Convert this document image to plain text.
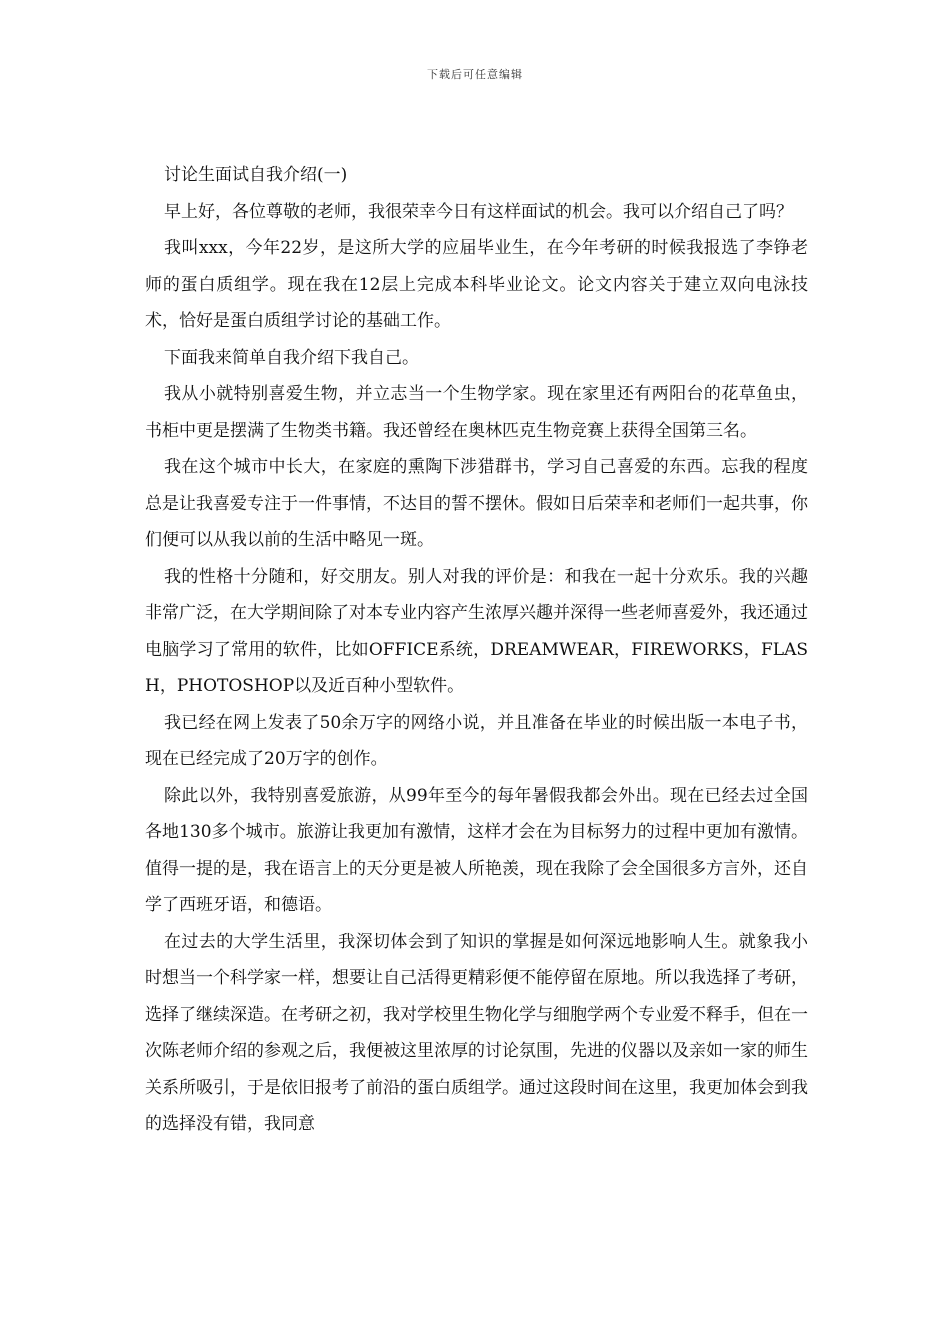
下载后可任意编辑

讨论生面试自我介绍(一)

早上好，各位尊敬的老师，我很荣幸今日有这样面试的机会。我可以介绍自己了吗？

我叫xxx，今年22岁，是这所大学的应届毕业生，在今年考研的时候我报选了李铮老师的蛋白质组学。现在我在12层上完成本科毕业论文。论文内容关于建立双向电泳技术，恰好是蛋白质组学讨论的基础工作。

下面我来简单自我介绍下我自己。

我从小就特别喜爱生物，并立志当一个生物学家。现在家里还有两阳台的花草鱼虫，书柜中更是摆满了生物类书籍。我还曾经在奥林匹克生物竞赛上获得全国第三名。

我在这个城市中长大，在家庭的熏陶下涉猎群书，学习自己喜爱的东西。忘我的程度总是让我喜爱专注于一件事情，不达目的誓不摆休。假如日后荣幸和老师们一起共事，你们便可以从我以前的生活中略见一斑。

我的性格十分随和，好交朋友。别人对我的评价是：和我在一起十分欢乐。我的兴趣非常广泛，在大学期间除了对本专业内容产生浓厚兴趣并深得一些老师喜爱外，我还通过电脑学习了常用的软件，比如OFFICE系统，DREAMWEAR，FIREWORKS，FLASH，PHOTOSHOP以及近百种小型软件。

我已经在网上发表了50余万字的网络小说，并且准备在毕业的时候出版一本电子书，现在已经完成了20万字的创作。

除此以外，我特别喜爱旅游，从99年至今的每年暑假我都会外出。现在已经去过全国各地130多个城市。旅游让我更加有激情，这样才会在为目标努力的过程中更加有激情。值得一提的是，我在语言上的天分更是被人所艳羡，现在我除了会全国很多方言外，还自学了西班牙语，和德语。

在过去的大学生活里，我深切体会到了知识的掌握是如何深远地影响人生。就象我小时想当一个科学家一样，想要让自己活得更精彩便不能停留在原地。所以我选择了考研，选择了继续深造。在考研之初，我对学校里生物化学与细胞学两个专业爱不释手，但在一次陈老师介绍的参观之后，我便被这里浓厚的讨论氛围，先进的仪器以及亲如一家的师生关系所吸引，于是依旧报考了前沿的蛋白质组学。通过这段时间在这里，我更加体会到我的选择没有错，我同意
